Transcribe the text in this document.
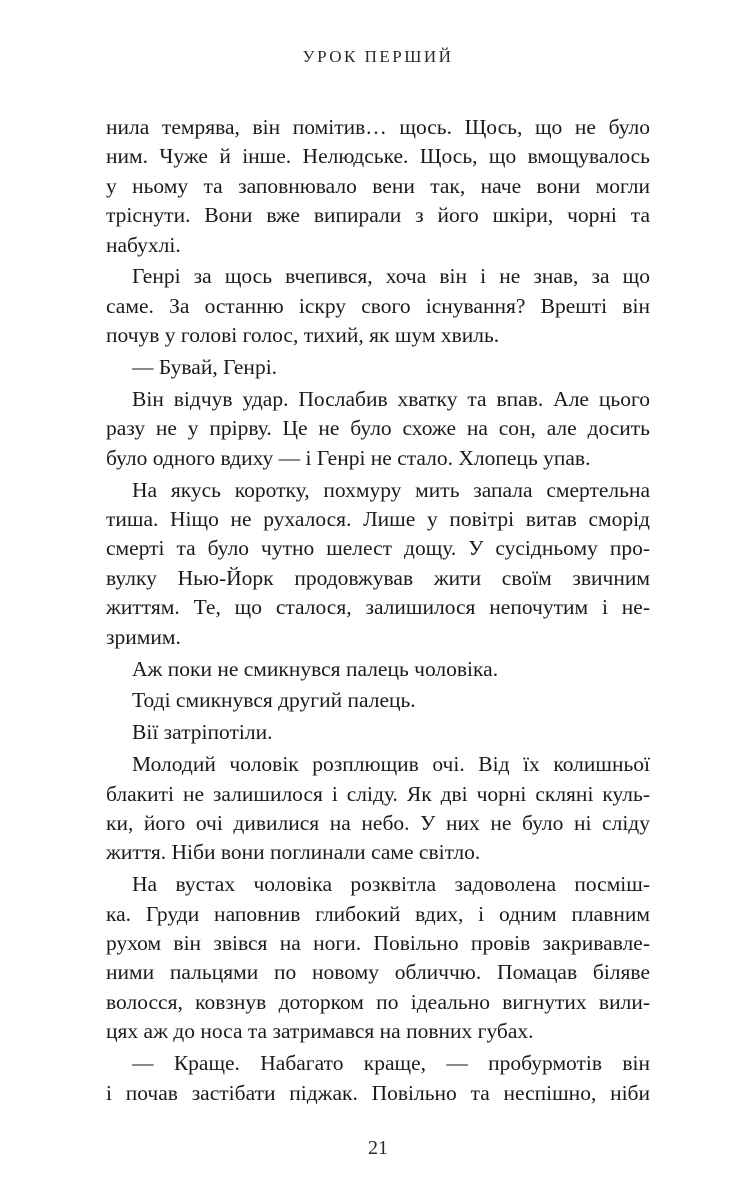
УРОК ПЕРШИЙ
нила темрява, він помітив… щось. Щось, що не було
ним. Чуже й інше. Нелюдське. Щось, що вмощувалось
у ньому та заповнювало вени так, наче вони могли
тріснути. Вони вже випирали з його шкіри, чорні та
набухлі.
Генрі за щось вчепився, хоча він і не знав, за що
саме. За останню іскру свого існування? Врешті він
почув у голові голос, тихий, як шум хвиль.
— Бувай, Генрі.
Він відчув удар. Послабив хватку та впав. Але цього
разу не у прірву. Це не було схоже на сон, але досить
було одного вдиху — і Генрі не стало. Хлопець упав.
На якусь коротку, похмуру мить запала смертельна
тиша. Ніщо не рухалося. Лише у повітрі витав сморід
смерті та було чутно шелест дощу. У сусідньому про-
вулку Нью-Йорк продовжував жити своїм звичним
життям. Те, що сталося, залишилося непочутим і не-
зримим.
Аж поки не смикнувся палець чоловіка.
Тоді смикнувся другий палець.
Вії затріпотіли.
Молодий чоловік розплющив очі. Від їх колишньої
блакиті не залишилося і сліду. Як дві чорні скляні куль-
ки, його очі дивилися на небо. У них не було ні сліду
життя. Ніби вони поглинали саме світло.
На вустах чоловіка розквітла задоволена посміш-
ка. Груди наповнив глибокий вдих, і одним плавним
рухом він звівся на ноги. Повільно провів закривавле-
ними пальцями по новому обличчю. Помацав біляве
волосся, ковзнув доторком по ідеально вигнутих вили-
цях аж до носа та затримався на повних губах.
— Краще. Набагато краще, — пробурмотів він
і почав застібати піджак. Повільно та неспішно, ніби
21
